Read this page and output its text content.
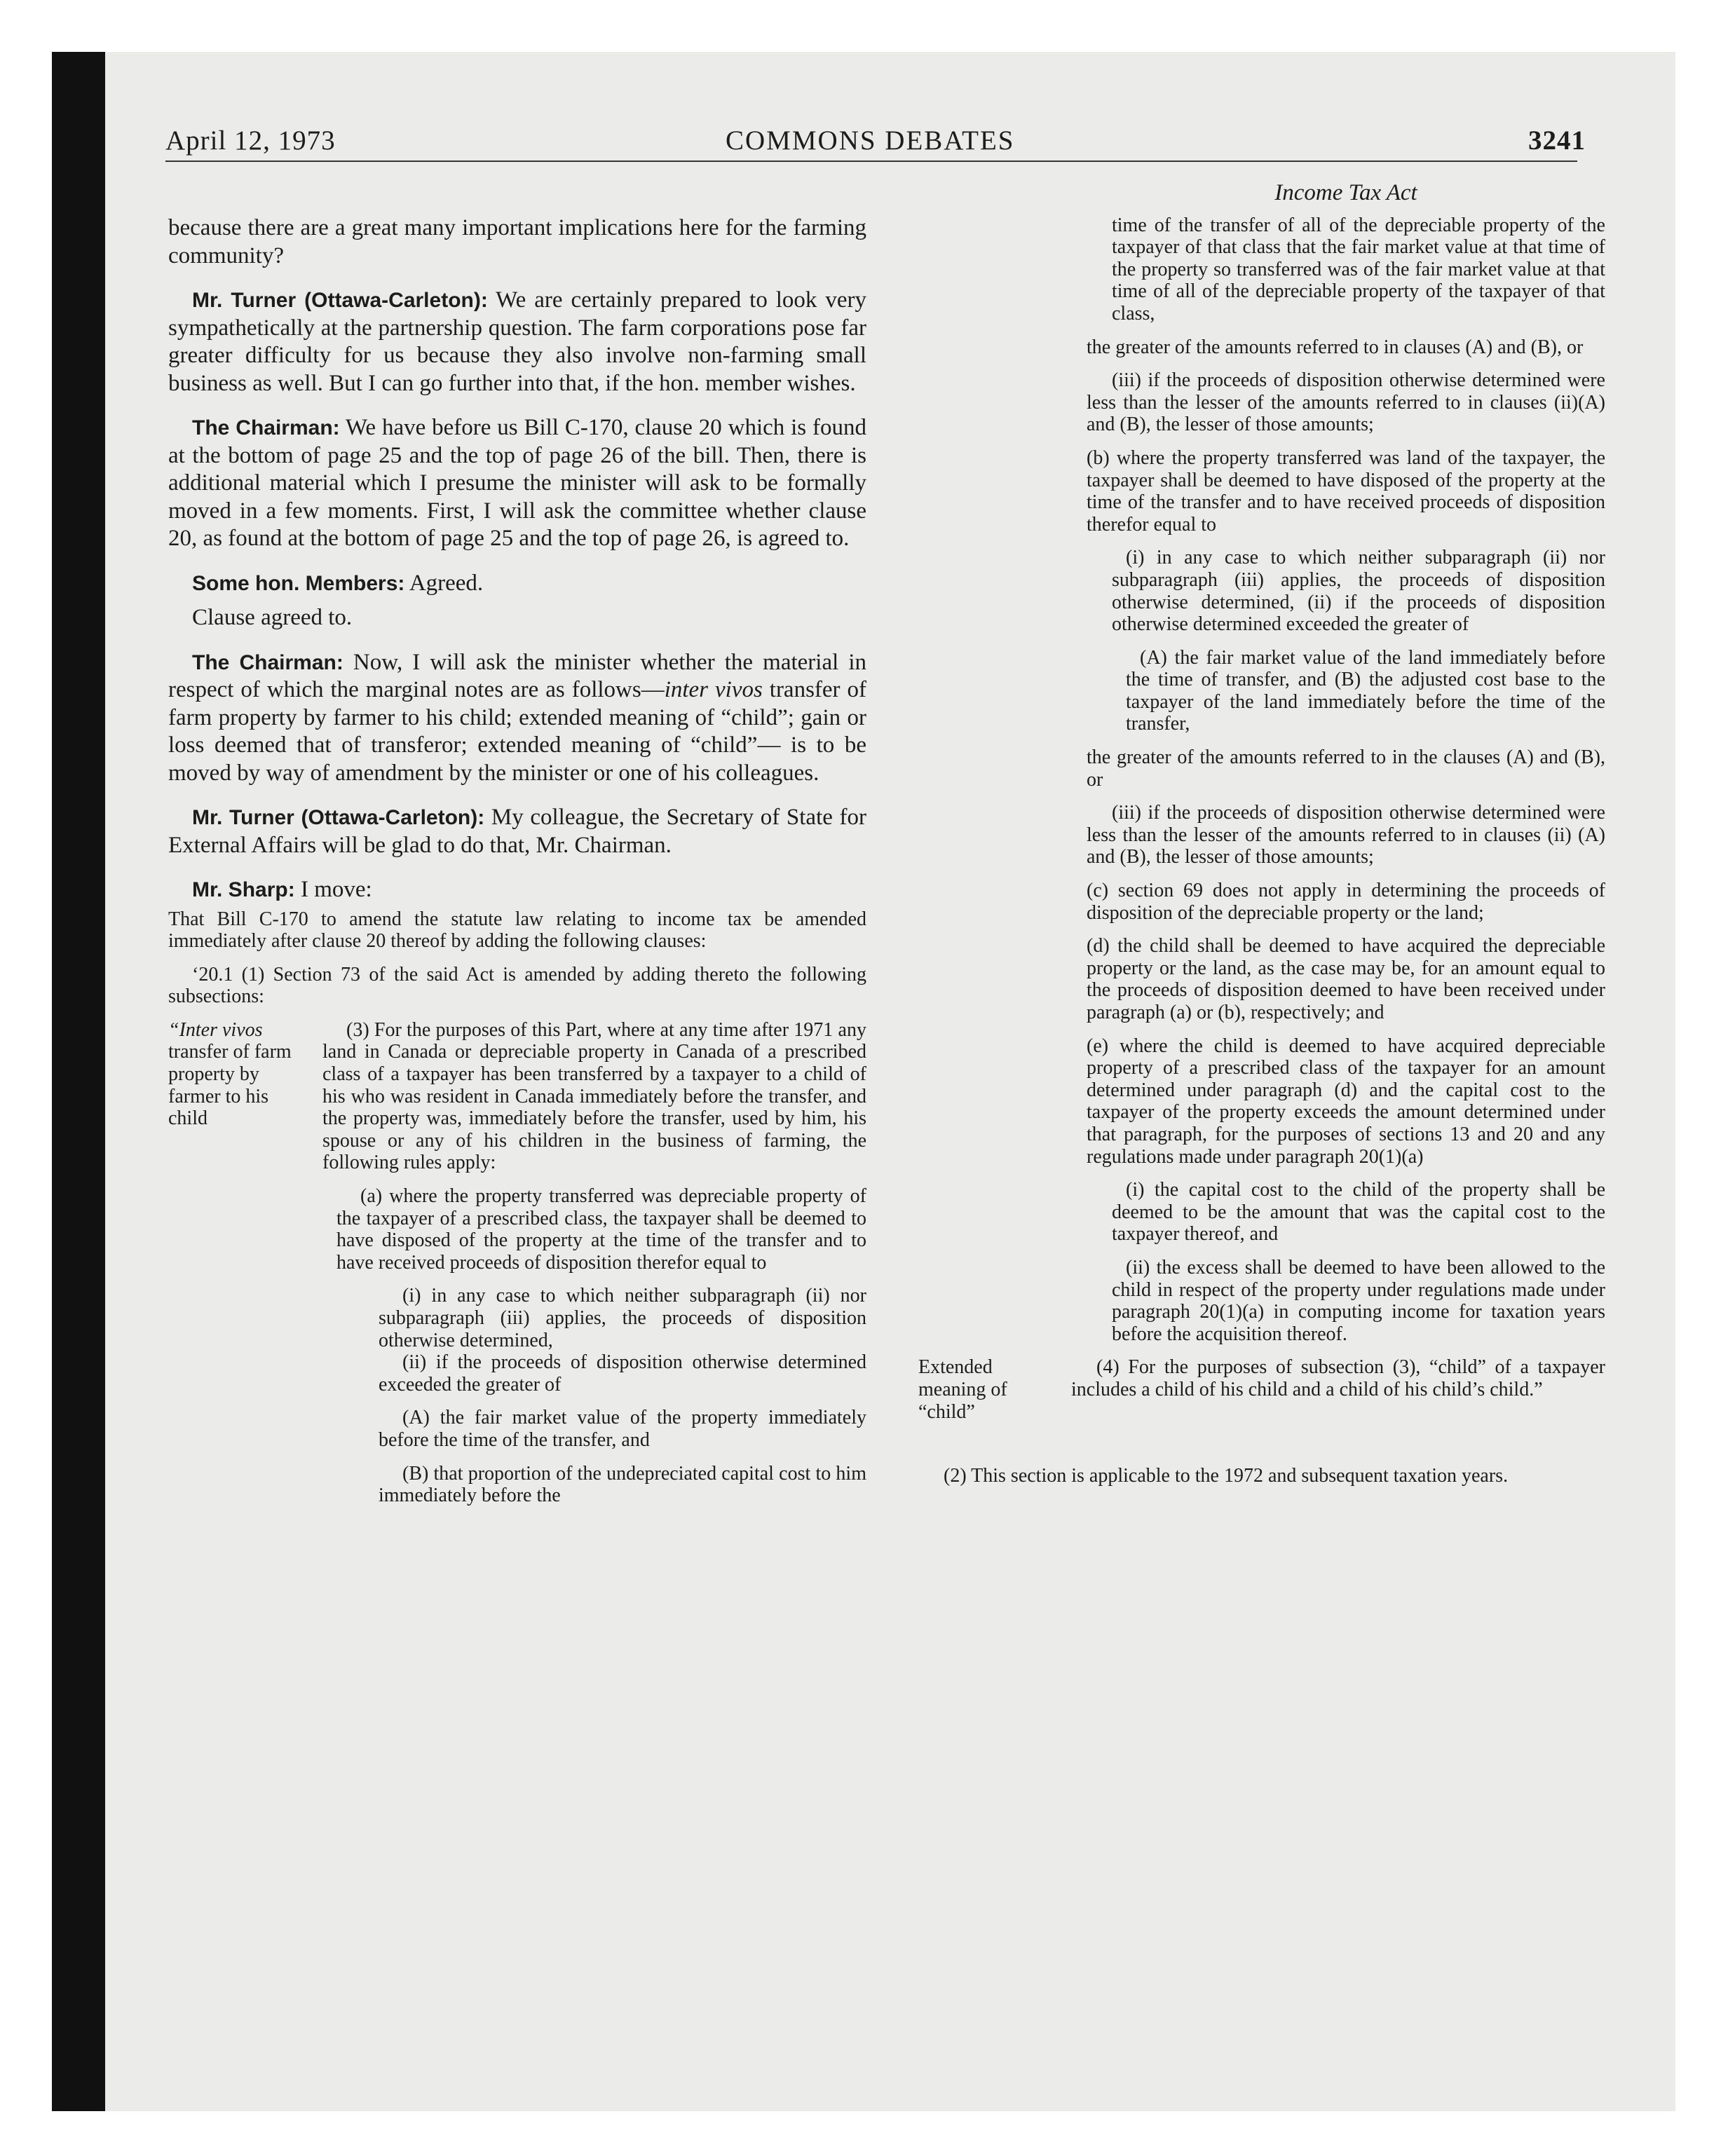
April 12, 1973	COMMONS DEBATES	3241

because there are a great many important implications here for the farming community?

Mr. Turner (Ottawa-Carleton): We are certainly prepared to look very sympathetically at the partnership question. The farm corporations pose far greater difficulty for us because they also involve non-farming small business as well. But I can go further into that, if the hon. member wishes.

The Chairman: We have before us Bill C-170, clause 20 which is found at the bottom of page 25 and the top of page 26 of the bill. Then, there is additional material which I presume the minister will ask to be formally moved in a few moments. First, I will ask the committee whether clause 20, as found at the bottom of page 25 and the top of page 26, is agreed to.

Some hon. Members: Agreed.

Clause agreed to.

The Chairman: Now, I will ask the minister whether the material in respect of which the marginal notes are as follows—inter vivos transfer of farm property by farmer to his child; extended meaning of “child”; gain or loss deemed that of transferor; extended meaning of “child”— is to be moved by way of amendment by the minister or one of his colleagues.

Mr. Turner (Ottawa-Carleton): My colleague, the Secretary of State for External Affairs will be glad to do that, Mr. Chairman.

Mr. Sharp: I move:

That Bill C-170 to amend the statute law relating to income tax be amended immediately after clause 20 thereof by adding the following clauses:

‘20.1 (1) Section 73 of the said Act is amended by adding thereto the following subsections:

“Inter vivos
transfer of farm property by farmer to his child
(3) For the purposes of this Part, where at any time after 1971 any land in Canada or depreciable property in Canada of a prescribed class of a taxpayer has been transferred by a taxpayer to a child of his who was resident in Canada immediately before the transfer, and the property was, immediately before the transfer, used by him, his spouse or any of his children in the business of farming, the following rules apply:

(a) where the property transferred was depreciable property of the taxpayer of a prescribed class, the taxpayer shall be deemed to have disposed of the property at the time of the transfer and to have received proceeds of disposition therefor equal to

(i) in any case to which neither subparagraph (ii) nor subparagraph (iii) applies, the proceeds of disposition otherwise determined,

(ii) if the proceeds of disposition otherwise determined exceeded the greater of

(A) the fair market value of the property immediately before the time of the transfer, and

(B) that proportion of the undepreciated capital cost to him immediately before the

Income Tax Act

time of the transfer of all of the depreciable property of the taxpayer of that class that the fair market value at that time of the property so transferred was of the fair market value at that time of all of the depreciable property of the taxpayer of that class,

the greater of the amounts referred to in clauses (A) and (B), or

(iii) if the proceeds of disposition otherwise determined were less than the lesser of the amounts referred to in clauses (ii)(A) and (B), the lesser of those amounts;

(b) where the property transferred was land of the taxpayer, the taxpayer shall be deemed to have disposed of the property at the time of the transfer and to have received proceeds of disposition therefor equal to

(i) in any case to which neither subparagraph (ii) nor subparagraph (iii) applies, the proceeds of disposition otherwise determined, (ii) if the proceeds of disposition otherwise determined exceeded the greater of

(A) the fair market value of the land immediately before the time of transfer, and (B) the adjusted cost base to the taxpayer of the land immediately before the time of the transfer,

the greater of the amounts referred to in the clauses (A) and (B), or

(iii) if the proceeds of disposition otherwise determined were less than the lesser of the amounts referred to in clauses (ii) (A) and (B), the lesser of those amounts;

(c) section 69 does not apply in determining the proceeds of disposition of the depreciable property or the land;

(d) the child shall be deemed to have acquired the depreciable property or the land, as the case may be, for an amount equal to the proceeds of disposition deemed to have been received under paragraph (a) or (b), respectively; and

(e) where the child is deemed to have acquired depreciable property of a prescribed class of the taxpayer for an amount determined under paragraph (d) and the capital cost to the taxpayer of the property exceeds the amount determined under that paragraph, for the purposes of sections 13 and 20 and any regulations made under paragraph 20(1)(a)

(i) the capital cost to the child of the property shall be deemed to be the amount that was the capital cost to the taxpayer thereof, and

(ii) the excess shall be deemed to have been allowed to the child in respect of the property under regulations made under paragraph 20(1)(a) in computing income for taxation years before the acquisition thereof.

Extended meaning of “child”
(4) For the purposes of subsection (3), “child” of a taxpayer includes a child of his child and a child of his child’s child.”

(2) This section is applicable to the 1972 and subsequent taxation years.
